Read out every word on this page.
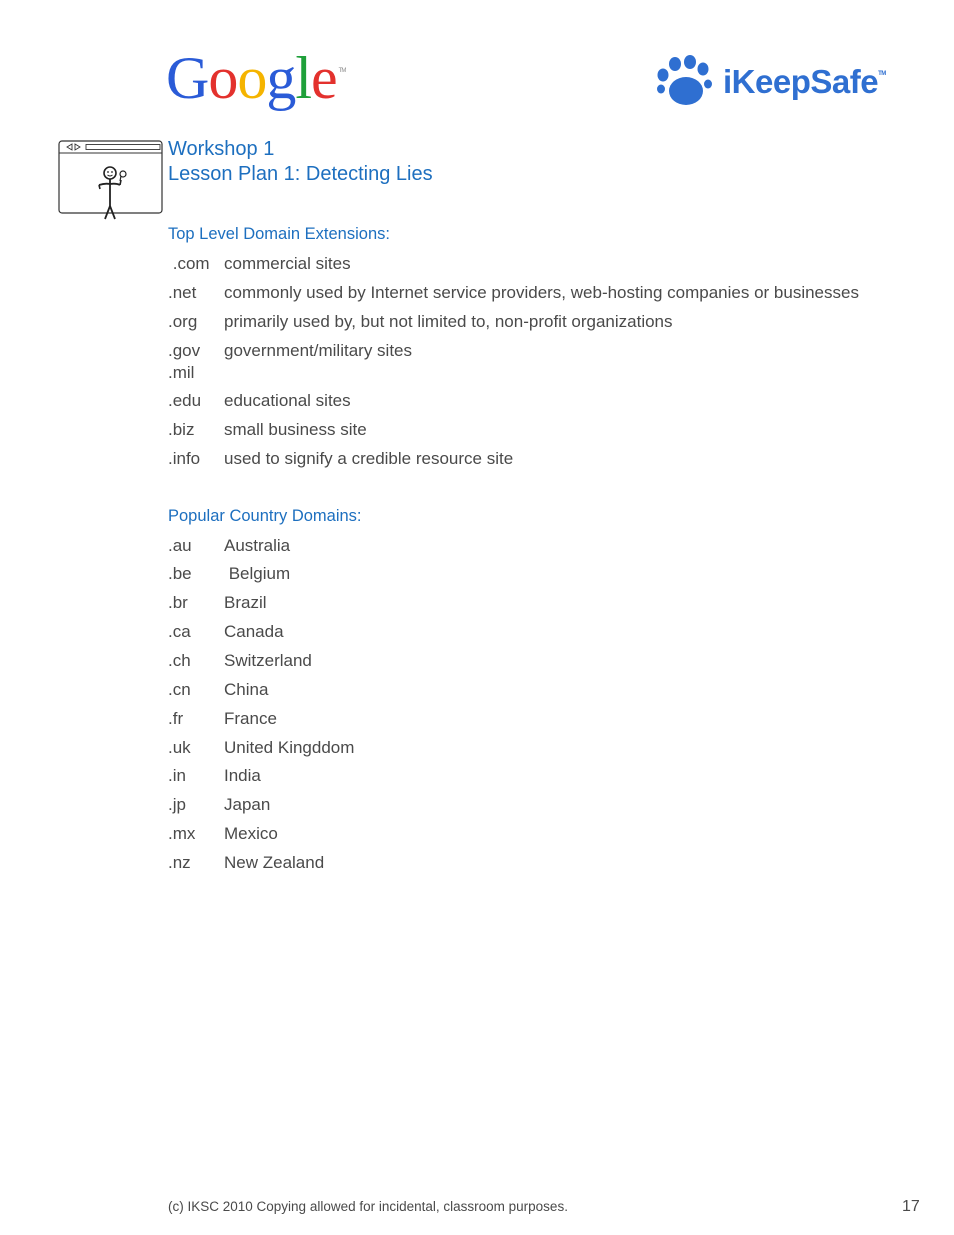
Google ™	iKeepSafe™
Workshop 1
Lesson Plan 1: Detecting Lies
Top Level Domain Extensions:
.com commercial sites
.net commonly used by Internet service providers, web-hosting companies or businesses
.org primarily used by, but not limited to, non-profit organizations
.gov
.mil
government/military sites
.edu educational sites
.biz small business site
.info used to signify a credible resource site
Popular Country Domains:
.au Australia
.be Belgium
.br Brazil
.ca Canada
.ch Switzerland
.cn China
.fr France
.uk United Kingddom
.in India
.jp Japan
.mx Mexico
.nz New Zealand
(c) IKSC 2010 Copying allowed for incidental, classroom purposes.	17
